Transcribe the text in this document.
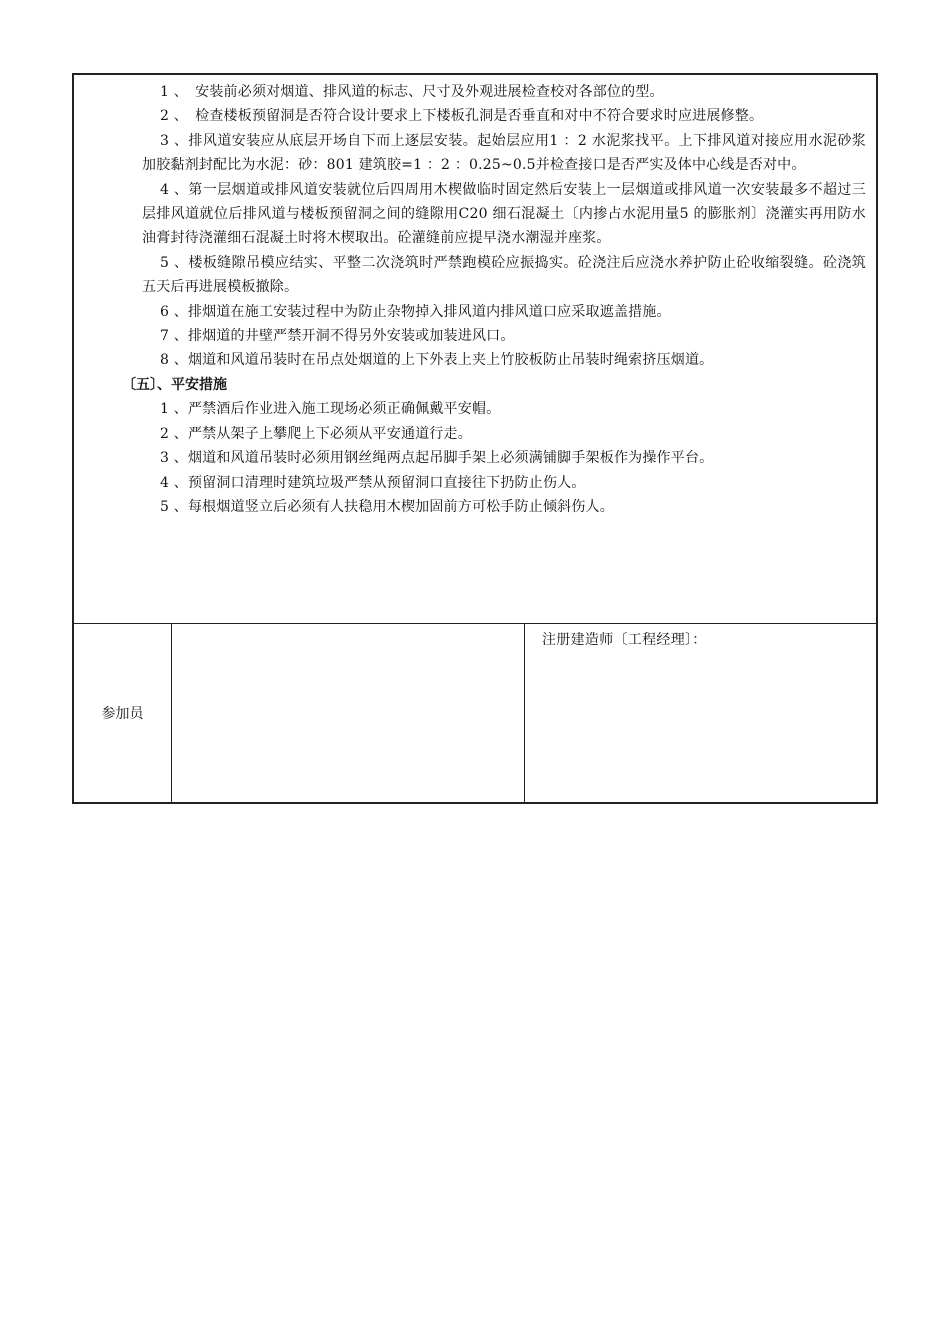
1 、　安装前必须对烟道、排风道的标志、尺寸及外观进展检查校对各部位的型。

2 、　检查楼板预留洞是否符合设计要求上下楼板孔洞是否垂直和对中不符合要求时应进展修整。

3 、排风道安装应从底层开场自下而上逐层安装。起始层应用1 ：2 水泥浆找平。上下排风道对接应用水泥砂浆加胶黏剂封配比为水泥：砂：801 建筑胶=1 ：2 ：0.25~0.5并检查接口是否严实及体中心线是否对中。

4 、第一层烟道或排风道安装就位后四周用木楔做临时固定然后安装上一层烟道或排风道一次安装最多不超过三层排风道就位后排风道与楼板预留洞之间的缝隙用C20 细石混凝土〔内掺占水泥用量5 的膨胀剂〕浇灌实再用防水油膏封待浇灌细石混凝土时将木楔取出。砼灌缝前应提早浇水潮湿并座浆。

5 、楼板缝隙吊模应结实、平整二次浇筑时严禁跑模砼应振捣实。砼浇注后应浇水养护防止砼收缩裂缝。砼浇筑五天后再进展模板撤除。

6 、排烟道在施工安装过程中为防止杂物掉入排风道内排风道口应采取遮盖措施。

7 、排烟道的井壁严禁开洞不得另外安装或加装进风口。

8 、烟道和风道吊装时在吊点处烟道的上下外表上夹上竹胶板防止吊装时绳索挤压烟道。

〔五〕、平安措施

1 、严禁酒后作业进入施工现场必须正确佩戴平安帽。

2 、严禁从架子上攀爬上下必须从平安通道行走。

3 、烟道和风道吊装时必须用钢丝绳两点起吊脚手架上必须满铺脚手架板作为操作平台。

4 、预留洞口清理时建筑垃圾严禁从预留洞口直接往下扔防止伤人。

5 、每根烟道竖立后必须有人扶稳用木楔加固前方可松手防止倾斜伤人。

参加员
注册建造师〔工程经理〕：
